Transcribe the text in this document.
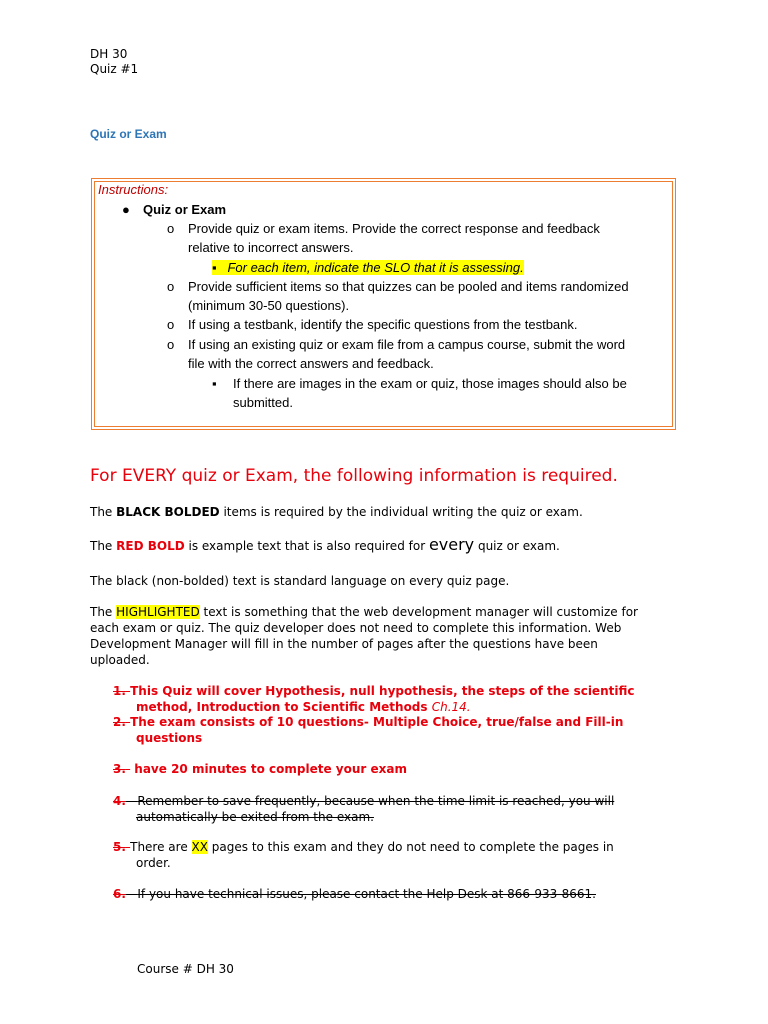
DH 30
Quiz #1
Quiz or Exam
Instructions:
● Quiz or Exam
o Provide quiz or exam items. Provide the correct response and feedback
relative to incorrect answers.
▪ For each item, indicate the SLO that it is assessing.
o Provide sufficient items so that quizzes can be pooled and items randomized
(minimum 30-50 questions).
o If using a testbank, identify the specific questions from the testbank.
o If using an existing quiz or exam file from a campus course, submit the word
file with the correct answers and feedback.
▪ If there are images in the exam or quiz, those images should also be
submitted.
For EVERY quiz or Exam, the following information is required.
The BLACK BOLDED items is required by the individual writing the quiz or exam.
The RED BOLD is example text that is also required for every quiz or exam.
The black (non-bolded) text is standard language on every quiz page.
The HIGHLIGHTED text is something that the web development manager will customize for
each exam or quiz. The quiz developer does not need to complete this information. Web
Development Manager will fill in the number of pages after the questions have been
uploaded.
1. This Quiz will cover Hypothesis, null hypothesis, the steps of the scientific
method, Introduction to Scientific Methods Ch.14.
2. The exam consists of 10 questions- Multiple Choice, true/false and Fill-in
questions
3.  have 20 minutes to complete your exam
4. Remember to save frequently, because when the time limit is reached, you will
automatically be exited from the exam.
5. There are XX pages to this exam and they do not need to complete the pages in
order.
6. If you have technical issues, please contact the Help Desk at 866-933-8661.
Course # DH 30
